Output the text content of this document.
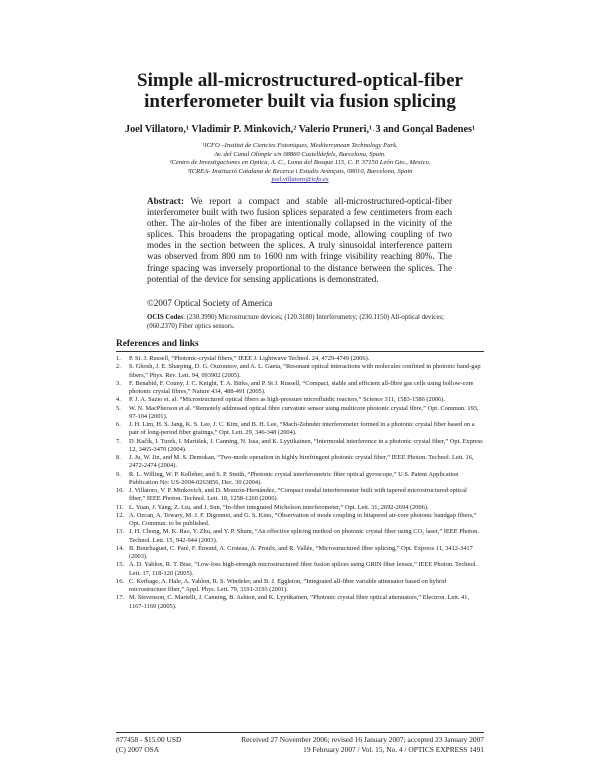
Simple all-microstructured-optical-fiber
interferometer built via fusion splicing
Joel Villatoro,¹ Vladimir P. Minkovich,² Valerio Pruneri,¹˒3 and Gonçal Badenes¹
¹ICFO –Institut de Ciencies Fotoniques, Mediterranean Technology Park.
Av. del Canal Olímpic s/n 08860 Castelldefels, Barcelona, Spain.
²Centro de Investigaciones en Optica, A. C., Loma del Bosque 115, C. P. 37150 León Gto., Mexico.
³ICREA- Institució Catalana de Recerca i Estudis Avançats, 08010, Barcelona, Spain
joel.villatoro@icfo.es
Abstract: We report a compact and stable all-microstructured-optical-fiber interferometer built with two fusion splices separated a few centimeters from each other. The air-holes of the fiber are intentionally collapsed in the vicinity of the splices. This broadens the propagating optical mode, allowing coupling of two modes in the section between the splices. A truly sinusoidal interference pattern was observed from 800 nm to 1600 nm with fringe visibility reaching 80%. The fringe spacing was inversely proportional to the distance between the splices. The potential of the device for sensing applications is demonstrated.
©2007 Optical Society of America
OCIS Codes: (230.3990) Microstructure devices; (120.3180) Interferometry; (230.1150) All-optical devices; (060.2370) Fiber optics sensors.
References and links
1.	P. St. J. Russell, “Photonic-crystal fibers,” IEEE J. Lightwave Technol. 24, 4729-4749 (2006).
2.	S. Ghosh, J. E. Sharping, D. G. Ouzounov, and A. L. Gaeta, “Resonant optical interactions with molecules confined in photonic band-gap fibers,” Phys. Rev. Lett. 94, 093902 (2005).
3.	F. Benabid, F. Couny, J. C. Knight, T. A. Birks, and P. St J. Russell, “Compact, stable and efficient all-fibre gas cells using hollow-core photonic crystal fibres,” Nature 434, 488-491 (2005).
4.	P. J. A. Sazio et. al. “Microstructured optical fibers as high-pressure microfluidic reactors,” Science 311, 1583-1586 (2006).
5.	W. N. MacPherson et al. “Remotely addressed optical fibre curvature sensor using multicore photonic crystal fibre,” Opt. Commun. 193, 97-104 (2001).
6.	J. H. Lim, H. S. Jang, K. S. Lee, J. C. Kim, and B. H. Lee, “Mach-Zehnder interferometer formed in a photonic crystal fiber based on a pair of long-period fiber gratings,” Opt. Lett. 29, 346-348 (2004).
7.	D. Kačík, I. Turek, I. Martišek, J. Canning, N. Issa, and K. Lyytikainen, “Intermodal interference in a photonic crystal fiber,” Opt. Express 12, 3465-3470 (2004).
8.	J. Ju, W. Jin, and M. S. Demokan, “Two-mode operation in highly birefringent photonic crystal fiber,” IEEE Photon. Technol. Lett. 16, 2472-2474 (2004).
9.	R. L. Willing, W. P. Kelleher, and S. P. Smith, “Photonic crystal interferometric fiber optical gyroscope,” U.S. Patent Application Publication No: US-2004-0263856, Dec. 30 (2004).
10. J. Villatoro, V. P. Minkovich, and D. Monzón-Hernández, “Compact modal interferometer built with tapered microstructured optical fiber,” IEEE Photon. Technol. Lett. 18, 1258-1260 (2006).
11. L. Yuan, J. Yang, Z. Liu, and J. Sun, “In-fiber integrated Michelson interferometer,” Opt. Lett. 31, 2692-2694 (2006).
12. A. Ozcan, A. Tewary, M. J. F. Digonnet, and G. S. Kino, “Observation of mode coupling in bitapered air-core photonic bandgap fibers,” Opt. Commun. to be published.
13. J. H. Chong, M. K. Rao, Y. Zhu, and Y. P. Shum, “An effective splicing method on photonic crystal fiber using CO₂ laser,” IEEE Photon. Technol. Lett. 15, 942-944 (2003).
14. B. Bourliaguet, C. Paré, F. Émond, A. Croteau, A. Proulx, and R. Vallée, “Microstructured fiber splicing,” Opt. Express 11, 3412-3417 (2003).
15. A. D. Yablon, R. T. Bise, “Low-loss high-strength microstructured fiber fusion splices using GRIN fiber lenses,” IEEE Photon. Technol. Lett. 17, 118-120 (2005).
16. C. Kerbage, A. Hale, A. Yablon, R. S. Windeler, and B. J. Eggleton, “Integrated all-fiber variable attenuator based on hybrid microstructure fiber,” Appl. Phys. Lett. 79, 3191-3193 (2001).
17. M. Stevenson, C. Martelli, J. Canning, B. Ashton, and K. Lyytikainen, “Photonic crystal fibre optical attenuators,” Electron. Lett. 41, 1167-1169 (2005).
#77458 - $15.00 USD	Received 27 November 2006; revised 16 January 2007; accepted 23 January 2007
(C) 2007 OSA	19 February 2007 / Vol. 15, No. 4 / OPTICS EXPRESS 1491
